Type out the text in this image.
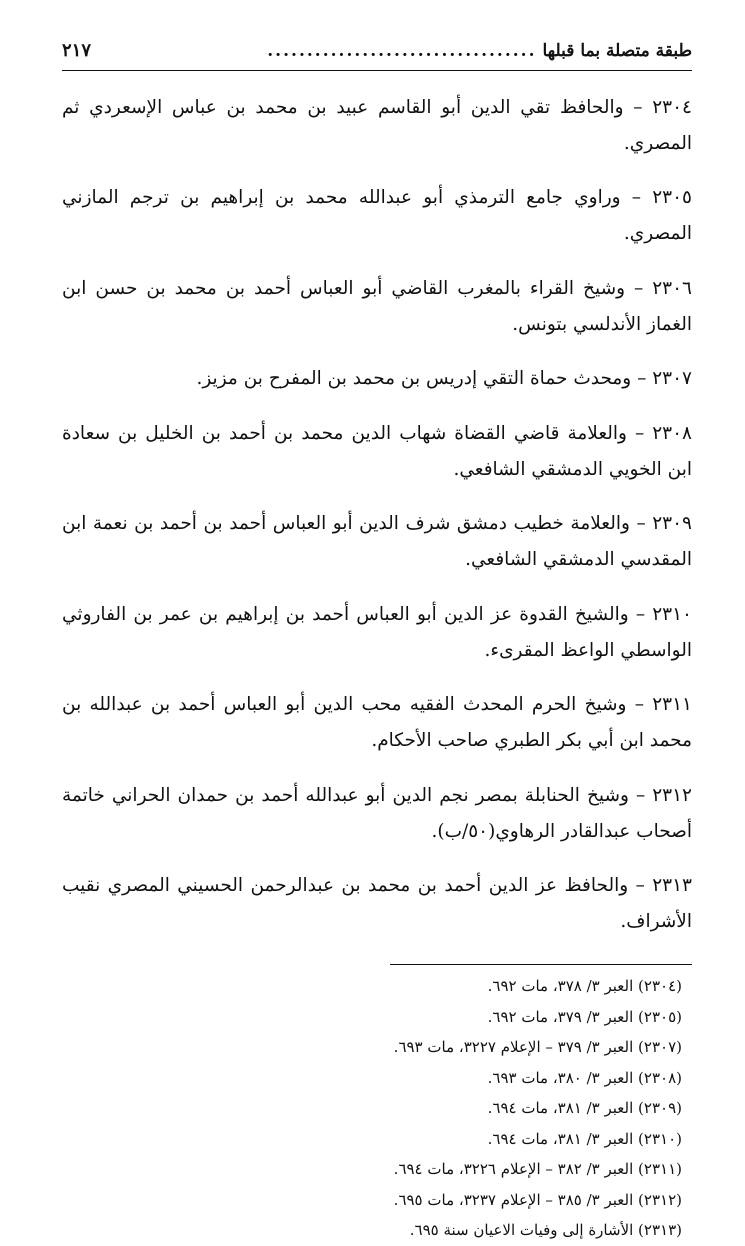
طبقة متصلة بما قبلها
..................................
٢١٧

٢٣٠٤ – والحافظ تقي الدين أبو القاسم عبيد بن محمد بن عباس الإسعردي ثم المصري.

٢٣٠٥ – وراوي جامع الترمذي أبو عبدالله محمد بن إبراهيم بن ترجم المازني المصري.

٢٣٠٦ – وشيخ القراء بالمغرب القاضي أبو العباس أحمد بن محمد بن حسن ابن الغماز الأندلسي بتونس.

٢٣٠٧ – ومحدث حماة التقي إدريس بن محمد بن المفرح بن مزيز.

٢٣٠٨ – والعلامة قاضي القضاة شهاب الدين محمد بن أحمد بن الخليل بن سعادة ابن الخويي الدمشقي الشافعي.

٢٣٠٩ – والعلامة خطيب دمشق شرف الدين أبو العباس أحمد بن أحمد بن نعمة ابن المقدسي الدمشقي الشافعي.

٢٣١٠ – والشيخ القدوة عز الدين أبو العباس أحمد بن إبراهيم بن عمر بن الفاروثي الواسطي الواعظ المقرىء.

٢٣١١ – وشيخ الحرم المحدث الفقيه محب الدين أبو العباس أحمد بن عبدالله بن محمد ابن أبي بكر الطبري صاحب الأحكام.

٢٣١٢ – وشيخ الحنابلة بمصر نجم الدين أبو عبدالله أحمد بن حمدان الحراني خاتمة أصحاب عبدالقادر الرهاوي(٥٠/ب).

٢٣١٣ – والحافظ عز الدين أحمد بن محمد بن عبدالرحمن الحسيني المصري نقيب الأشراف.

(٢٣٠٤) العبر ٣/ ٣٧٨، مات ٦٩٢.
(٢٣٠٥) العبر ٣/ ٣٧٩، مات ٦٩٢.
(٢٣٠٧) العبر ٣/ ٣٧٩ – الإعلام ٣٢٢٧، مات ٦٩٣.
(٢٣٠٨) العبر ٣/ ٣٨٠، مات ٦٩٣.
(٢٣٠٩) العبر ٣/ ٣٨١، مات ٦٩٤.
(٢٣١٠) العبر ٣/ ٣٨١، مات ٦٩٤.
(٢٣١١) العبر ٣/ ٣٨٢ – الإعلام ٣٢٢٦، مات ٦٩٤.
(٢٣١٢) العبر ٣/ ٣٨٥ – الإعلام ٣٢٣٧، مات ٦٩٥.
(٢٣١٣) الأشارة إلى وفيات الاعيان سنة ٦٩٥.
